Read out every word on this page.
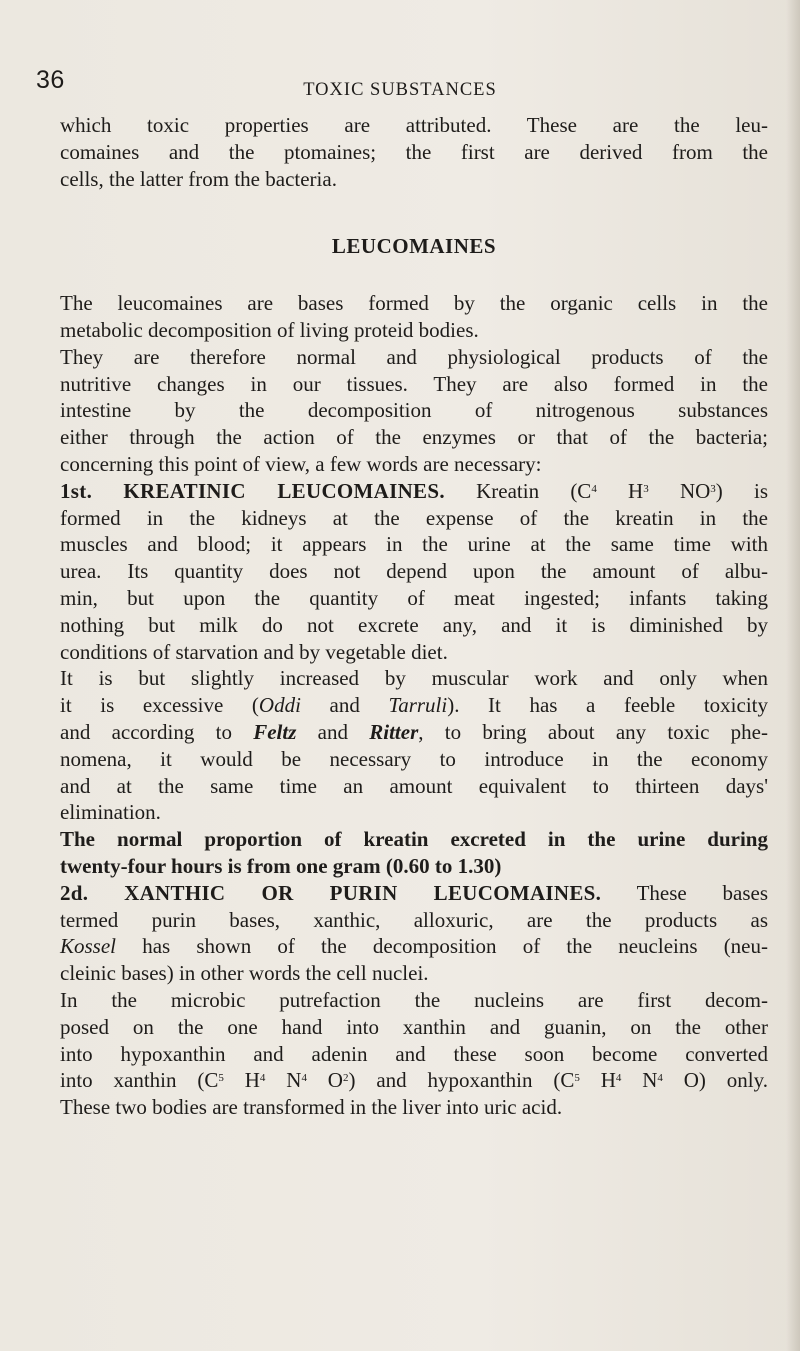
36	TOXIC SUBSTANCES
which toxic properties are attributed. These are the leu-
comaines and the ptomaines; the first are derived from the
cells, the latter from the bacteria.
LEUCOMAINES
The leucomaines are bases formed by the organic cells in the
metabolic decomposition of living proteid bodies.
They are therefore normal and physiological products of the
nutritive changes in our tissues. They are also formed in the
intestine by the decomposition of nitrogenous substances
either through the action of the enzymes or that of the bacteria;
concerning this point of view, a few words are necessary:
1st. KREATINIC LEUCOMAINES. Kreatin ($C^4$ $H^3$ $NO^3$) is
formed in the kidneys at the expense of the kreatin in the
muscles and blood; it appears in the urine at the same time with
urea. Its quantity does not depend upon the amount of albu-
min, but upon the quantity of meat ingested; infants taking
nothing but milk do not excrete any, and it is diminished by
conditions of starvation and by vegetable diet.
It is but slightly increased by muscular work and only when
it is excessive (Oddi and Tarruli). It has a feeble toxicity
and according to Feltz and Ritter, to bring about any toxic phe-
nomena, it would be necessary to introduce in the economy
and at the same time an amount equivalent to thirteen days'
elimination.
The normal proportion of kreatin excreted in the urine during
twenty-four hours is from one gram (0.60 to 1.30)
2d. XANTHIC OR PURIN LEUCOMAINES. These bases
termed purin bases, xanthic, alloxuric, are the products as
Kossel has shown of the decomposition of the neucleins (neu-
cleinic bases) in other words the cell nuclei.
In the microbic putrefaction the nucleins are first decom-
posed on the one hand into xanthin and guanin, on the other
into hypoxanthin and adenin and these soon become converted
into xanthin ($C^5$ $H^4$ $N^4$ $O^2$) and hypoxanthin ($C^5$ $H^4$ $N^4$ O) only.
These two bodies are transformed in the liver into uric acid.
